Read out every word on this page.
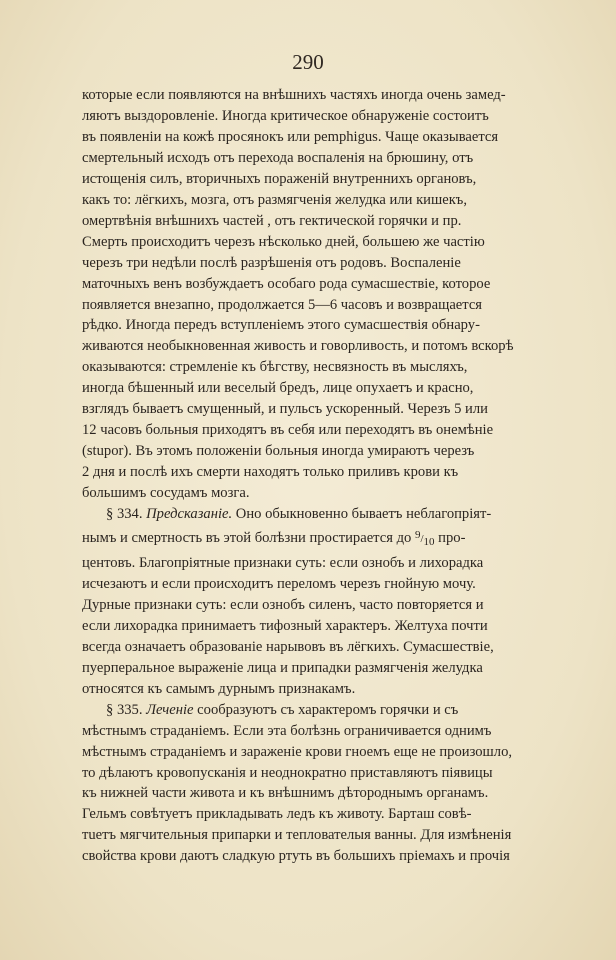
290
которые если появляются на внѣшнихъ частяхъ иногда очень замед-
ляютъ выздоровленіе. Иногда критическое обнаруженіе состоитъ
въ появленіи на кожѣ просянокъ или pemphigus. Чаще оказывается
смертельный исходъ отъ перехода воспаленія на брюшину, отъ
истощенія силъ, вторичныхъ пораженій внутреннихъ органовъ,
какъ то: лёгкихъ, мозга, отъ размягченія желудка или кишекъ,
омертвѣнія внѣшнихъ частей , отъ гектической горячки и пр.
Смерть происходитъ черезъ нѣсколько дней, большею же частію
черезъ три недѣли послѣ разрѣшенія отъ родовъ. Воспаленіе
маточныхъ венъ возбуждаетъ особаго рода сумасшествіе, которое
появляется внезапно, продолжается 5—6 часовъ и возвращается
рѣдко. Иногда передъ вступленіемъ этого сумасшествія обнару-
живаются необыкновенная живость и говорливость, и потомъ вскорѣ
оказываются: стремленіе къ бѣгству, несвязность въ мысляхъ,
иногда бѣшенный или веселый бредъ, лице опухаетъ и красно,
взглядъ бываетъ смущенный, и пульсъ ускоренный. Черезъ 5 или
12 часовъ больныя приходятъ въ себя или переходятъ въ онемѣніе
(stupor). Въ этомъ положеніи больныя иногда умираютъ черезъ
2 дня и послѣ ихъ смерти находятъ только приливъ крови къ
большимъ сосудамъ мозга.
§ 334. Предсказаніе. Оно обыкновенно бываетъ неблагопріят-
нымъ и смертность въ этой болѣзни простирается до 9/10 про-
центовъ. Благопріятные признаки суть: если ознобъ и лихорадка
исчезаютъ и если происходитъ переломъ черезъ гнойную мочу.
Дурные признаки суть: если ознобъ силенъ, часто повторяется и
если лихорадка принимаетъ тифозный характеръ. Желтуха почти
всегда означаетъ образованіе нарывовъ въ лёгкихъ. Сумасшествіе,
пуерперальное выраженіе лица и припадки размягченія желудка
относятся къ самымъ дурнымъ признакамъ.
§ 335. Леченіе сообразуютъ съ характеромъ горячки и съ
мѣстнымъ страданіемъ. Если эта болѣзнь ограничивается однимъ
мѣстнымъ страданіемъ и зараженіе крови гноемъ еще не произошло,
то дѣлаютъ кровопусканія и неоднократно приставляютъ піявицы
къ нижней части живота и къ внѣшнимъ дѣтороднымъ органамъ.
Гельмъ совѣтуетъ прикладывать ледъ къ животу. Барташ совѣ-
тuетъ мягчительныя припарки и теплователыя ванны. Для измѣненія
свойства крови даютъ сладкую ртуть въ большихъ пріемахъ и прочія
